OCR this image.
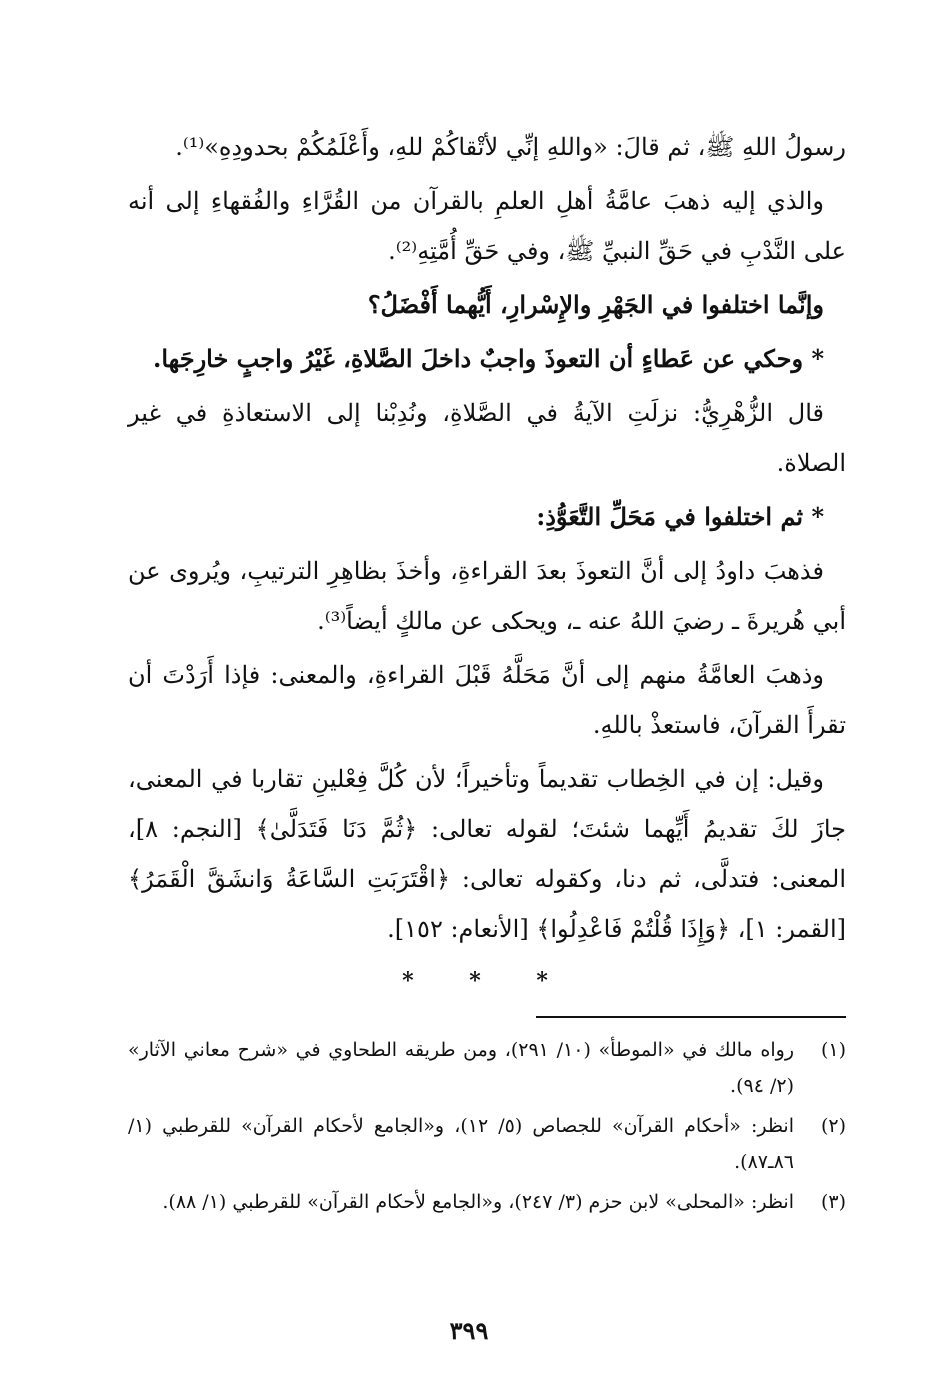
رسولُ اللهِ ﷺ، ثم قالَ: «واللهِ إنِّي لأتْقاكُمْ للهِ، وأَعْلَمُكُمْ بحدودِهِ»⁽¹⁾.

والذي إليه ذهبَ عامَّةُ أهلِ العلمِ بالقرآن من القُرَّاءِ والفُقهاءِ إلى أنه على النَّدْبِ في حَقِّ النبيِّ ﷺ، وفي حَقِّ أُمَّتِهِ⁽²⁾.

وإنَّما اختلفوا في الجَهْرِ والإِسْرارِ، أَيُّهما أَفْضَلُ؟

* وحكي عن عَطاءٍ أن التعوذَ واجبٌ داخلَ الصَّلاةِ، غَيْرُ واجبٍ خارِجَها.

قال الزُّهْرِيُّ: نزلَتِ الآيةُ في الصَّلاةِ، ونُدِبْنا إلى الاستعاذةِ في غير الصلاة.

* ثم اختلفوا في مَحَلِّ التَّعَوُّذِ:

فذهبَ داودُ إلى أنَّ التعوذَ بعدَ القراءةِ، وأخذَ بظاهِرِ الترتيبِ، ويُروى عن أبي هُريرةَ ـ رضيَ اللهُ عنه ـ، ويحكى عن مالكٍ أيضاً⁽³⁾.

وذهبَ العامَّةُ منهم إلى أنَّ مَحَلَّهُ قَبْلَ القراءةِ، والمعنى: فإذا أَرَدْتَ أن تقرأَ القرآنَ، فاستعذْ باللهِ.

وقيل: إن في الخِطاب تقديماً وتأخيراً؛ لأن كُلَّ فِعْلينِ تقاربا في المعنى، جازَ لكَ تقديمُ أَيِّهما شئتَ؛ لقوله تعالى: ﴿ثُمَّ دَنَا فَتَدَلَّىٰ﴾ [النجم: ٨]، المعنى: فتدلَّى، ثم دنا، وكقوله تعالى: ﴿اقْتَرَبَتِ السَّاعَةُ وَانشَقَّ الْقَمَرُ﴾ [القمر: ١]، ﴿وَإِذَا قُلْتُمْ فَاعْدِلُوا﴾ [الأنعام: ١٥٢].

* * *
(١)
رواه مالك في «الموطأ» (١٠/ ٢٩١)، ومن طريقه الطحاوي في «شرح معاني الآثار» (٢/ ٩٤).
(٢)
انظر: «أحكام القرآن» للجصاص (٥/ ١٢)، و«الجامع لأحكام القرآن» للقرطبي (١/ ٨٦ـ٨٧).
(٣)
انظر: «المحلى» لابن حزم (٣/ ٢٤٧)، و«الجامع لأحكام القرآن» للقرطبي (١/ ٨٨).
٣٩٩
